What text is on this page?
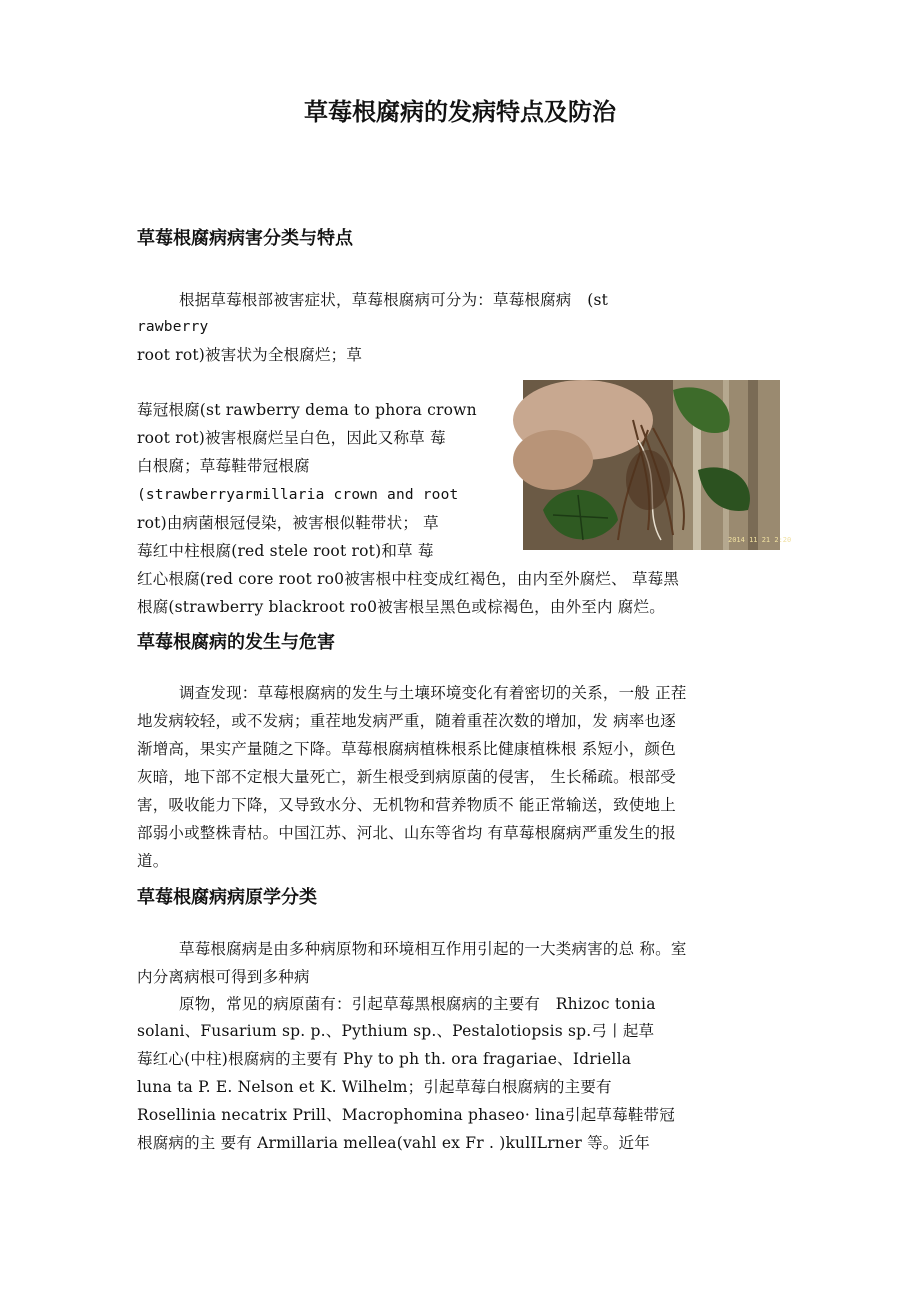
草莓根腐病的发病特点及防治
草莓根腐病病害分类与特点

根据草莓根部被害症状，草莓根腐病可分为：草莓根腐病　(st

rawberry

root rot)被害状为全根腐烂；草

莓冠根腐(st rawberry dema to phora crown

root rot)被害根腐烂呈白色，因此又称草 莓

白根腐；草莓鞋带冠根腐

(strawberryarmillaria crown and root

rot)由病菌根冠侵染，被害根似鞋带状； 草

莓红中柱根腐(red stele root rot)和草 莓

红心根腐(red core root ro0被害根中柱变成红褐色，由内至外腐烂、 草莓黑

根腐(strawberry blackroot ro0被害根呈黑色或棕褐色，由外至内 腐烂。

2014 11 21 2:20
草莓根腐病的发生与危害

调查发现：草莓根腐病的发生与土壤环境变化有着密切的关系，一般 正茬

地发病较轻，或不发病；重茬地发病严重，随着重茬次数的增加，发 病率也逐

渐增高，果实产量随之下降。草莓根腐病植株根系比健康植株根 系短小，颜色

灰暗，地下部不定根大量死亡，新生根受到病原菌的侵害， 生长稀疏。根部受

害，吸收能力下降，又导致水分、无机物和营养物质不 能正常输送，致使地上

部弱小或整株青枯。中国江苏、河北、山东等省均 有草莓根腐病严重发生的报

道。

草莓根腐病病原学分类

草莓根腐病是由多种病原物和环境相互作用引起的一大类病害的总 称。室

内分离病根可得到多种病

原物，常见的病原菌有：引起草莓黑根腐病的主要有　Rhizoc tonia

solani、Fusarium sp. p.、Pythium sp.、Pestalotiopsis sp.弓丨起草

莓红心(中柱)根腐病的主要有 Phy to ph th. ora fragariae、Idriella

luna ta P. E. Nelson et K. Wilhelm；引起草莓白根腐病的主要有

Rosellinia necatrix Prill、Macrophomina phaseo· lina引起草莓鞋带冠

根腐病的主 要有 Armillaria mellea(vahl ex Fr . )kulILrner 等。近年
